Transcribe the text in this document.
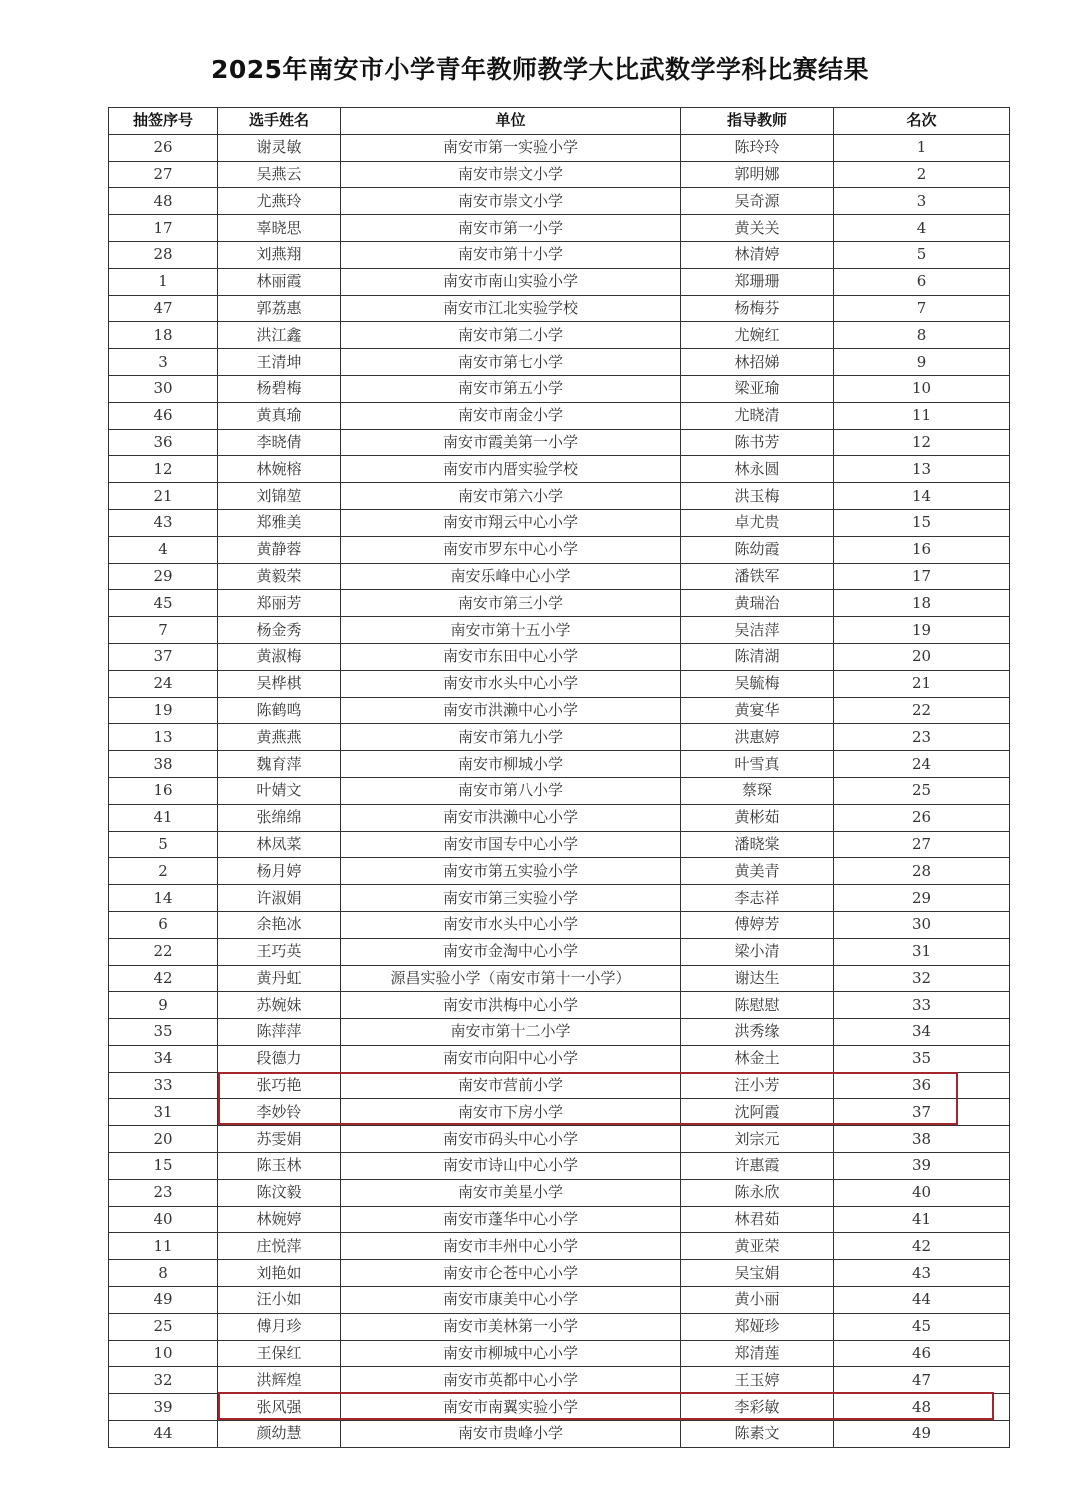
2025年南安市小学青年教师教学大比武数学学科比赛结果
抽签序号	选手姓名	单位	指导教师	名次
26	谢灵敏	南安市第一实验小学	陈玲玲	1
27	吴燕云	南安市崇文小学	郭明娜	2
48	尤燕玲	南安市崇文小学	吴奇源	3
17	辜晓思	南安市第一小学	黄关关	4
28	刘燕翔	南安市第十小学	林清婷	5
1	林丽霞	南安市南山实验小学	郑珊珊	6
47	郭荔惠	南安市江北实验学校	杨梅芬	7
18	洪江鑫	南安市第二小学	尤婉红	8
3	王清坤	南安市第七小学	林招娣	9
30	杨碧梅	南安市第五小学	梁亚瑜	10
46	黄真瑜	南安市南金小学	尤晓清	11
36	李晓倩	南安市霞美第一小学	陈书芳	12
12	林婉榕	南安市内厝实验学校	林永圆	13
21	刘锦堃	南安市第六小学	洪玉梅	14
43	郑雅美	南安市翔云中心小学	卓尤贵	15
4	黄静蓉	南安市罗东中心小学	陈幼霞	16
29	黄毅荣	南安乐峰中心小学	潘铁军	17
45	郑丽芳	南安市第三小学	黄瑞治	18
7	杨金秀	南安市第十五小学	吴洁萍	19
37	黄淑梅	南安市东田中心小学	陈清湖	20
24	吴桦棋	南安市水头中心小学	吴毓梅	21
19	陈鹤鸣	南安市洪濑中心小学	黄宴华	22
13	黄燕燕	南安市第九小学	洪惠婷	23
38	魏育萍	南安市柳城小学	叶雪真	24
16	叶婧文	南安市第八小学	蔡琛	25
41	张绵绵	南安市洪濑中心小学	黄彬茹	26
5	林凤菜	南安市国专中心小学	潘晓棠	27
2	杨月婷	南安市第五实验小学	黄美青	28
14	许淑娟	南安市第三实验小学	李志祥	29
6	余艳冰	南安市水头中心小学	傅婷芳	30
22	王巧英	南安市金淘中心小学	梁小清	31
42	黄丹虹	源昌实验小学（南安市第十一小学）	谢达生	32
9	苏婉妹	南安市洪梅中心小学	陈慰慰	33
35	陈萍萍	南安市第十二小学	洪秀缘	34
34	段德力	南安市向阳中心小学	林金土	35
33	张巧艳	南安市营前小学	汪小芳	36
31	李妙铃	南安市下房小学	沈阿霞	37
20	苏雯娟	南安市码头中心小学	刘宗元	38
15	陈玉林	南安市诗山中心小学	许惠霞	39
23	陈汶毅	南安市美星小学	陈永欣	40
40	林婉婷	南安市蓬华中心小学	林君茹	41
11	庄悦萍	南安市丰州中心小学	黄亚荣	42
8	刘艳如	南安市仑苍中心小学	吴宝娟	43
49	汪小如	南安市康美中心小学	黄小丽	44
25	傅月珍	南安市美林第一小学	郑娅珍	45
10	王保红	南安市柳城中心小学	郑清莲	46
32	洪辉煌	南安市英都中心小学	王玉婷	47
39	张风强	南安市南翼实验小学	李彩敏	48
44	颜幼慧	南安市贵峰小学	陈素文	49
